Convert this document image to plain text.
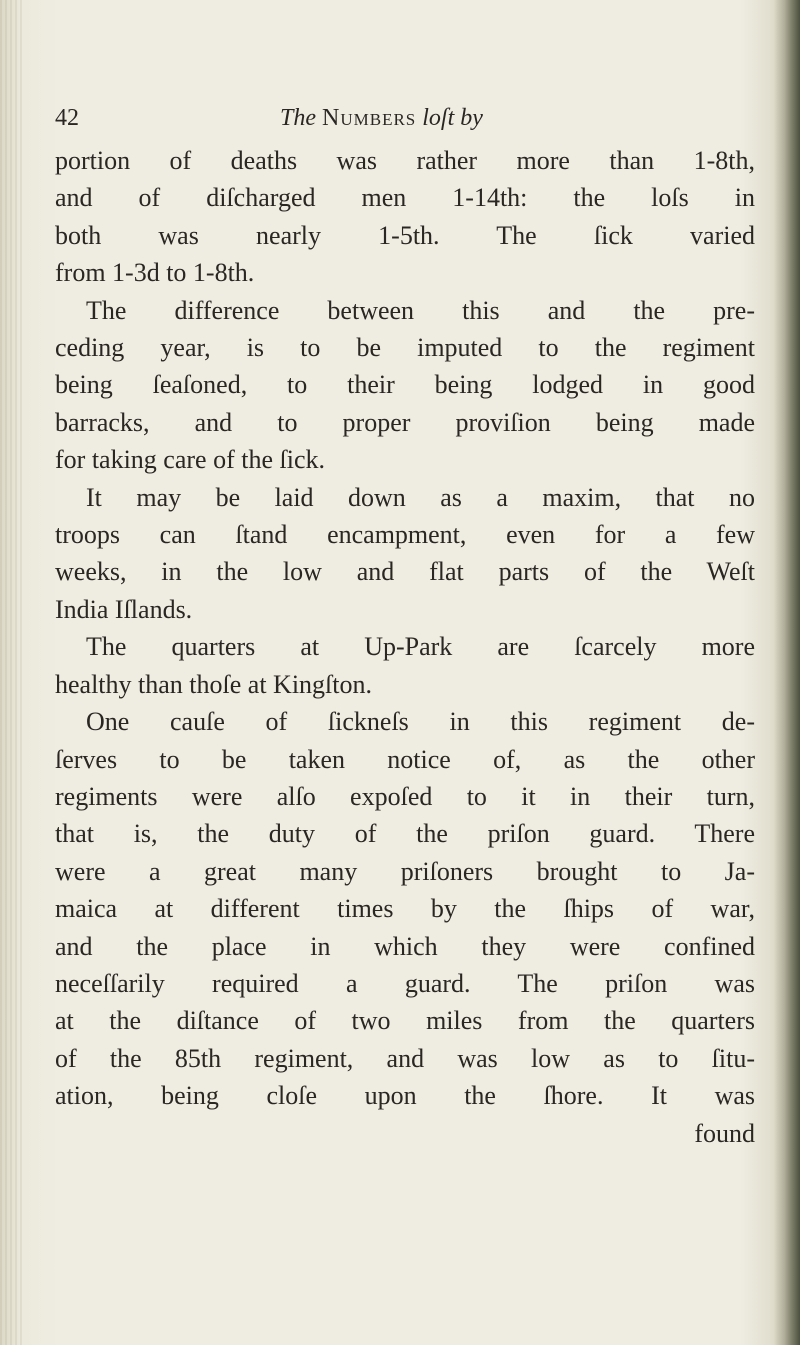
42	The Numbers loſt by
portion of deaths was rather more than 1-8th,
and of diſcharged men 1-14th: the loſs in
both was nearly 1-5th. The ſick varied
from 1-3d to 1-8th.
The difference between this and the pre-
ceding year, is to be imputed to the regiment
being ſeaſoned, to their being lodged in good
barracks, and to proper proviſion being made
for taking care of the ſick.
It may be laid down as a maxim, that no
troops can ſtand encampment, even for a few
weeks, in the low and flat parts of the Weſt
India Iſlands.
The quarters at Up-Park are ſcarcely more
healthy than thoſe at Kingſton.
One cauſe of ſickneſs in this regiment de-
ſerves to be taken notice of, as the other
regiments were alſo expoſed to it in their turn,
that is, the duty of the priſon guard. There
were a great many priſoners brought to Ja-
maica at different times by the ſhips of war,
and the place in which they were confined
neceſſarily required a guard. The priſon was
at the diſtance of two miles from the quarters
of the 85th regiment, and was low as to ſitu-
ation, being cloſe upon the ſhore. It was
found
